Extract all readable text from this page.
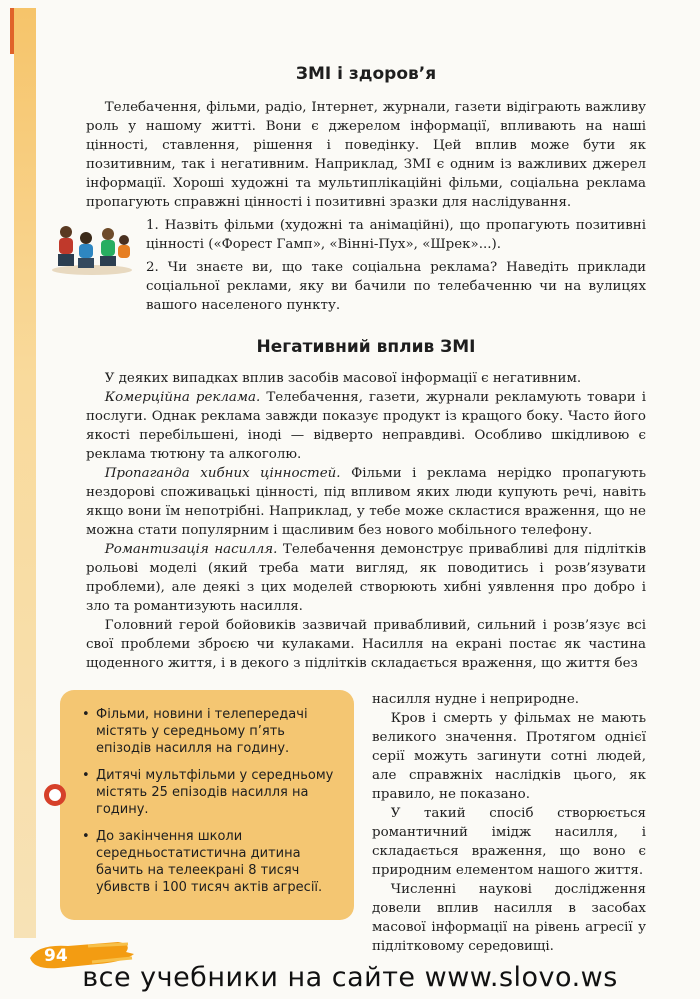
ЗМІ і здоров’я

Телебачення, фільми, радіо, Інтернет, журнали, газети відіграють важливу роль у нашому житті. Вони є джерелом інформації, впливають на наші цінності, ставлення, рішення і поведінку. Цей вплив може бути як позитивним, так і негативним. Наприклад, ЗМІ є одним із важливих джерел інформації. Хороші художні та мультиплікаційні фільми, соціальна реклама пропагують справжні цінності і позитивні зразки для наслідування.

1. Назвіть фільми (художні та анімаційні), що пропагують позитивні цінності («Форест Гамп», «Вінні-Пух», «Шрек»...).

2. Чи знаєте ви, що таке соціальна реклама? Наведіть приклади соціальної реклами, яку ви бачили по телебаченню чи на вулицях вашого населеного пункту.

Негативний вплив ЗМІ

У деяких випадках вплив засобів масової інформації є негативним.

Комерційна реклама. Телебачення, газети, журнали рекламують товари і послуги. Однак реклама завжди показує продукт із кращого боку. Часто його якості перебільшені, іноді — відверто неправдиві. Особливо шкідливою є реклама тютюну та алкоголю.

Пропаганда хибних цінностей. Фільми і реклама нерідко пропагують нездорові споживацькі цінності, під впливом яких люди купують речі, навіть якщо вони їм непотрібні. Наприклад, у тебе може скластися враження, що не можна стати популярним і щасливим без нового мобільного телефону.

Романтизація насилля. Телебачення демонструє привабливі для підлітків рольові моделі (який треба мати вигляд, як поводитись і розв’язувати проблеми), але деякі з цих моделей створюють хибні уявлення про добро і зло та романтизують насилля.

Головний герой бойовиків зазвичай привабливий, сильний і розв’язує всі свої проблеми зброєю чи кулаками. Насилля на екрані постає як частина щоденного життя, і в декого з підлітків складається враження, що життя без

• Фільми, новини і телепередачі містять у середньому п’ять епізодів насилля на годину.
• Дитячі мультфільми у середньому містять 25 епізодів насилля на годину.
• До закінчення школи середньостатистична дитина бачить на телеекрані 8 тисяч убивств і 100 тисяч актів агресії.

насилля нудне і неприродне.

Кров і смерть у фільмах не мають великого значення. Протягом однієї серії можуть загинути сотні людей, але справжніх наслідків цього, як правило, не показано.

У такий спосіб створюється романтичний імідж насилля, і складається враження, що воно є природним елементом нашого життя.

Численні наукові дослідження довели вплив насилля в засобах масової інформації на рівень агресії у підлітковому середовищі.

94
все учебники на сайте www.slovo.ws
